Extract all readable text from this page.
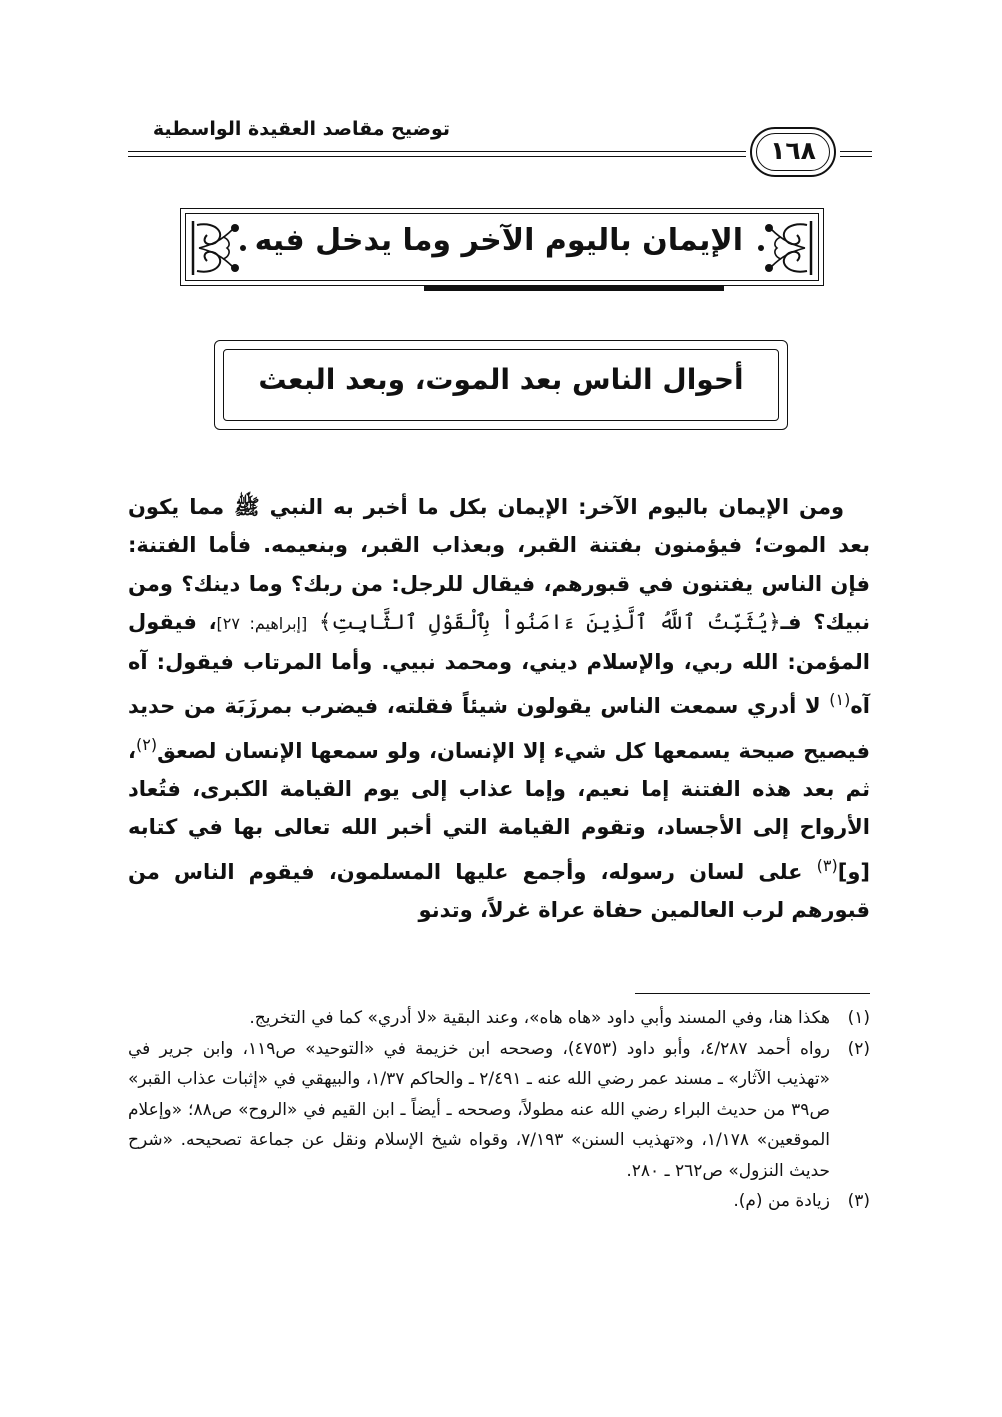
توضيح مقاصد العقيدة الواسطية
١٦٨
الإيمان باليوم الآخر وما يدخل فيه
أحوال الناس بعد الموت، وبعد البعث

ومن الإيمان باليوم الآخر: الإيمان بكل ما أخبر به النبي ﷺ مما يكون بعد الموت؛ فيؤمنون بفتنة القبر، وبعذاب القبر، وبنعيمه. فأما الفتنة: فإن الناس يفتنون في قبورهم، فيقال للرجل: من ربك؟ وما دينك؟ ومن نبيك؟ فـ﴿يُثَبِّتُ ٱللَّهُ ٱلَّذِينَ ءَامَنُواْ بِٱلْقَوْلِ ٱلثَّابِتِ﴾ [إبراهيم: ٢٧]، فيقول المؤمن: الله ربي، والإسلام ديني، ومحمد نبيي. وأما المرتاب فيقول: آه آه$^{(١)}$ لا أدري سمعت الناس يقولون شيئاً فقلته، فيضرب بمرزَبَة من حديد فيصيح صيحة يسمعها كل شيء إلا الإنسان، ولو سمعها الإنسان لصعق$^{(٢)}$، ثم بعد هذه الفتنة إما نعيم، وإما عذاب إلى يوم القيامة الكبرى، فتُعاد الأرواح إلى الأجساد، وتقوم القيامة التي أخبر الله تعالى بها في كتابه [و]$^{(٣)}$ على لسان رسوله، وأجمع عليها المسلمون، فيقوم الناس من قبورهم لرب العالمين حفاة عراة غرلاً، وتدنو

(١)
هكذا هنا، وفي المسند وأبي داود «هاه هاه»، وعند البقية «لا أدري» كما في التخريج.
(٢)
رواه أحمد ٤/٢٨٧، وأبو داود (٤٧٥٣)، وصححه ابن خزيمة في «التوحيد» ص١١٩، وابن جرير في «تهذيب الآثار» ـ مسند عمر رضي الله عنه ـ ٢/٤٩١ ـ والحاكم ١/٣٧، والبيهقي في «إثبات عذاب القبر» ص٣٩ من حديث البراء رضي الله عنه مطولاً، وصححه ـ أيضاً ـ ابن القيم في «الروح» ص٨٨؛ «وإعلام الموقعين» ١/١٧٨، و«تهذيب السنن» ٧/١٩٣، وقواه شيخ الإسلام ونقل عن جماعة تصحيحه. «شرح حديث النزول» ص٢٦٢ ـ ٢٨٠.
(٣)
زيادة من (م).
